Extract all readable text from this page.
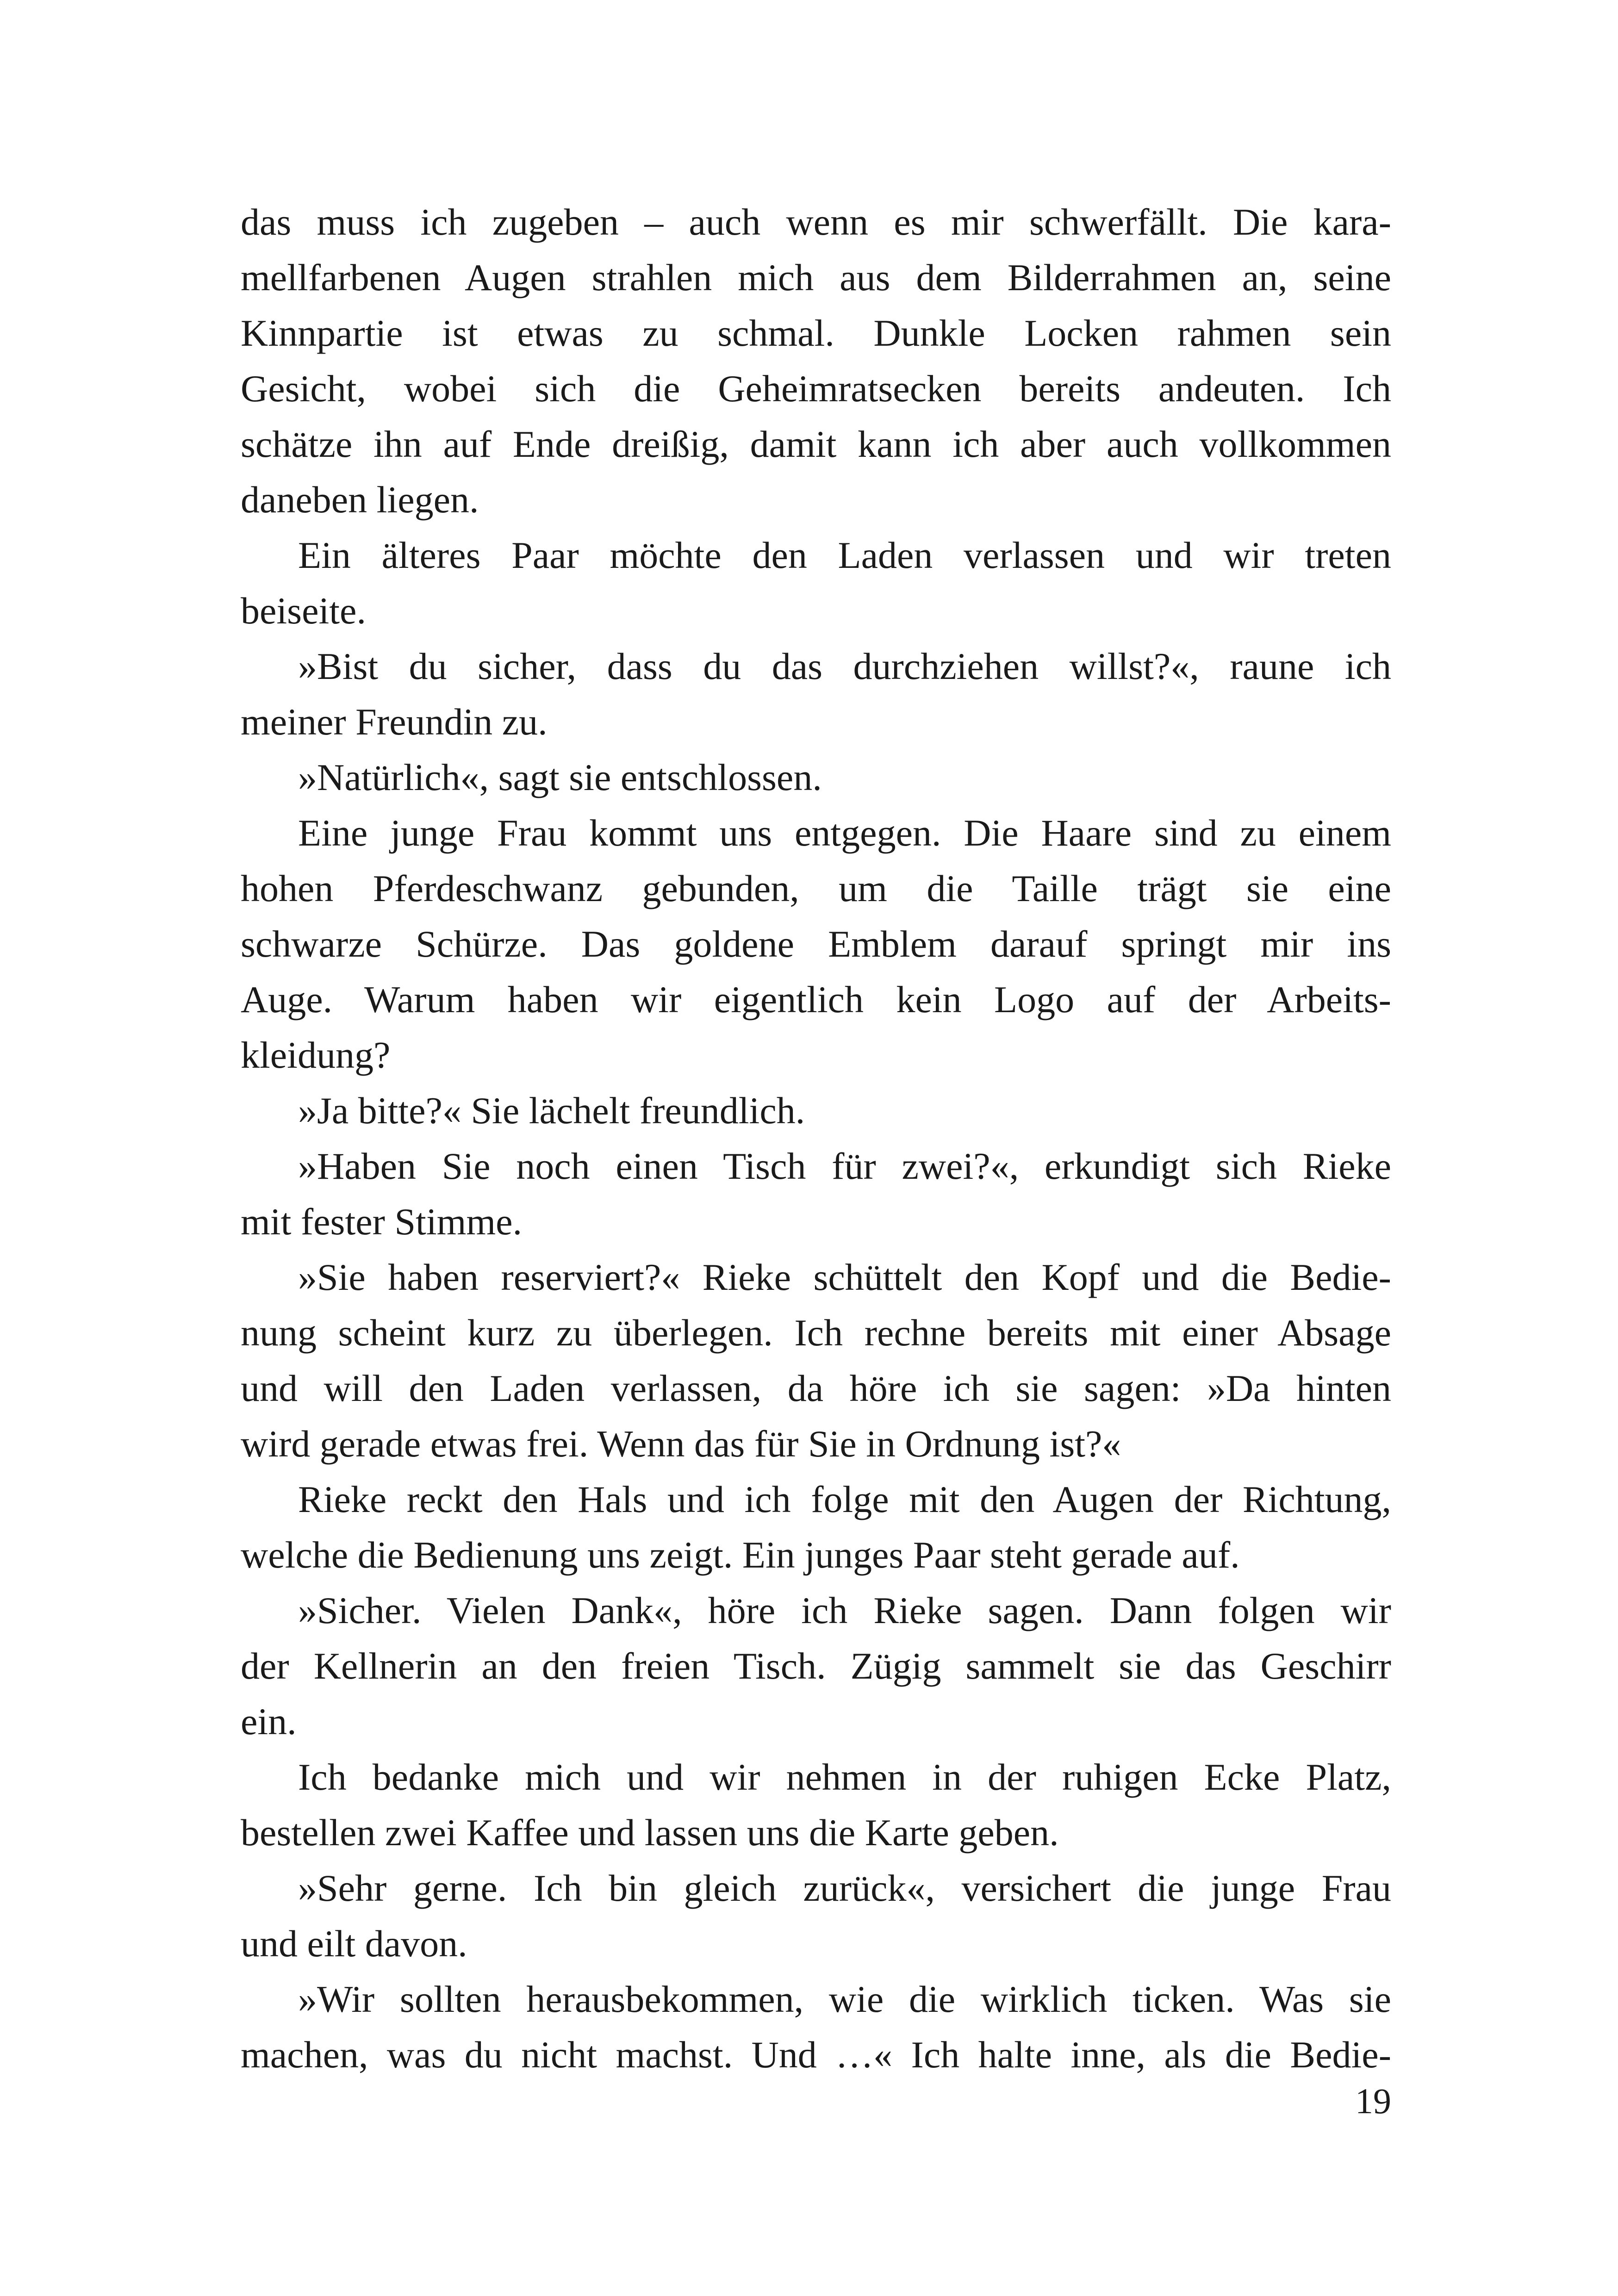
das muss ich zugeben – auch wenn es mir schwerfällt. Die kara-
mellfarbenen Augen strahlen mich aus dem Bilderrahmen an, seine
Kinnpartie ist etwas zu schmal. Dunkle Locken rahmen sein
Gesicht, wobei sich die Geheimratsecken bereits andeuten. Ich
schätze ihn auf Ende dreißig, damit kann ich aber auch vollkommen
daneben liegen.
Ein älteres Paar möchte den Laden verlassen und wir treten
beiseite.
»Bist du sicher, dass du das durchziehen willst?«, raune ich
meiner Freundin zu.
»Natürlich«, sagt sie entschlossen.
Eine junge Frau kommt uns entgegen. Die Haare sind zu einem
hohen Pferdeschwanz gebunden, um die Taille trägt sie eine
schwarze Schürze. Das goldene Emblem darauf springt mir ins
Auge. Warum haben wir eigentlich kein Logo auf der Arbeits-
kleidung?
»Ja bitte?« Sie lächelt freundlich.
»Haben Sie noch einen Tisch für zwei?«, erkundigt sich Rieke
mit fester Stimme.
»Sie haben reserviert?« Rieke schüttelt den Kopf und die Bedie-
nung scheint kurz zu überlegen. Ich rechne bereits mit einer Absage
und will den Laden verlassen, da höre ich sie sagen: »Da hinten
wird gerade etwas frei. Wenn das für Sie in Ordnung ist?«
Rieke reckt den Hals und ich folge mit den Augen der Richtung,
welche die Bedienung uns zeigt. Ein junges Paar steht gerade auf.
»Sicher. Vielen Dank«, höre ich Rieke sagen. Dann folgen wir
der Kellnerin an den freien Tisch. Zügig sammelt sie das Geschirr
ein.
Ich bedanke mich und wir nehmen in der ruhigen Ecke Platz,
bestellen zwei Kaffee und lassen uns die Karte geben.
»Sehr gerne. Ich bin gleich zurück«, versichert die junge Frau
und eilt davon.
»Wir sollten herausbekommen, wie die wirklich ticken. Was sie
machen, was du nicht machst. Und …« Ich halte inne, als die Bedie-
19
